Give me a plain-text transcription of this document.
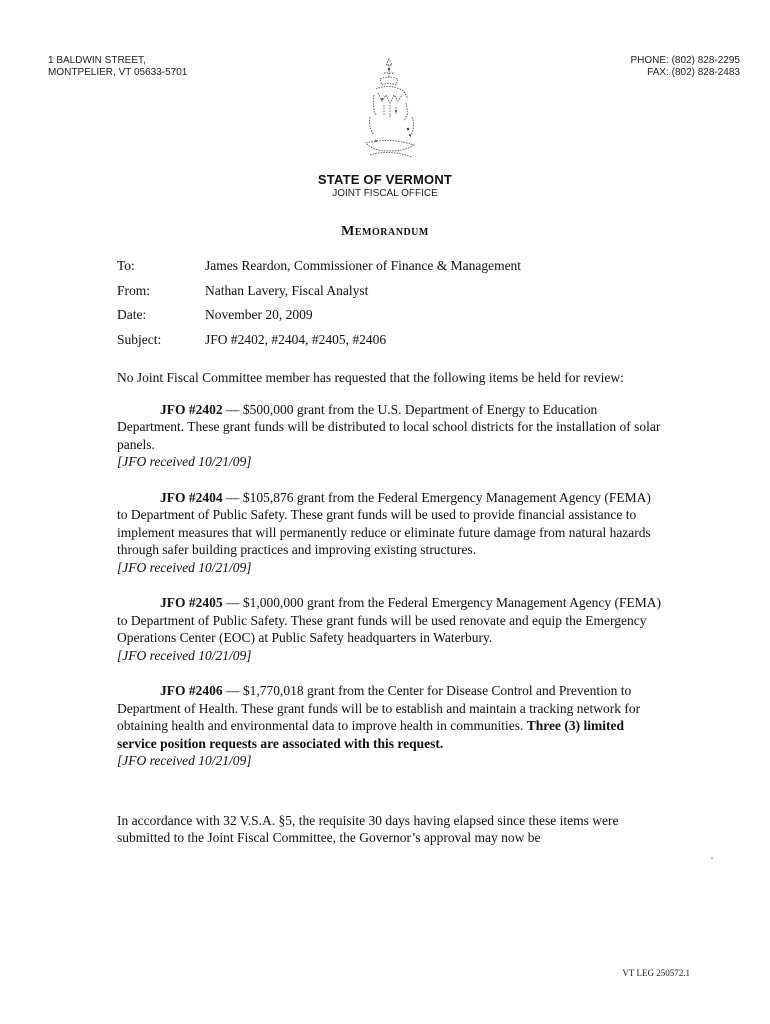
1 BALDWIN STREET,
MONTPELIER, VT 05633-5701
PHONE: (802) 828-2295
FAX: (802) 828-2483
STATE OF VERMONT
JOINT FISCAL OFFICE
Memorandum
To:	James Reardon, Commissioner of Finance & Management
From:	Nathan Lavery, Fiscal Analyst
Date:	November 20, 2009
Subject:	JFO #2402, #2404, #2405, #2406

No Joint Fiscal Committee member has requested that the following items be held for review:

JFO #2402 — $500,000 grant from the U.S. Department of Energy to Education Department. These grant funds will be distributed to local school districts for the installation of solar panels.

[JFO received 10/21/09]

JFO #2404 — $105,876 grant from the Federal Emergency Management Agency (FEMA) to Department of Public Safety. These grant funds will be used to provide financial assistance to implement measures that will permanently reduce or eliminate future damage from natural hazards through safer building practices and improving existing structures.

[JFO received 10/21/09]

JFO #2405 — $1,000,000 grant from the Federal Emergency Management Agency (FEMA) to Department of Public Safety. These grant funds will be used renovate and equip the Emergency Operations Center (EOC) at Public Safety headquarters in Waterbury.

[JFO received 10/21/09]

JFO #2406 — $1,770,018 grant from the Center for Disease Control and Prevention to Department of Health. These grant funds will be to establish and maintain a tracking network for obtaining health and environmental data to improve health in communities. Three (3) limited service position requests are associated with this request.

[JFO received 10/21/09]

In accordance with 32 V.S.A. §5, the requisite 30 days having elapsed since these items were submitted to the Joint Fiscal Committee, the Governor’s approval may now be

VT LEG 250572.1
